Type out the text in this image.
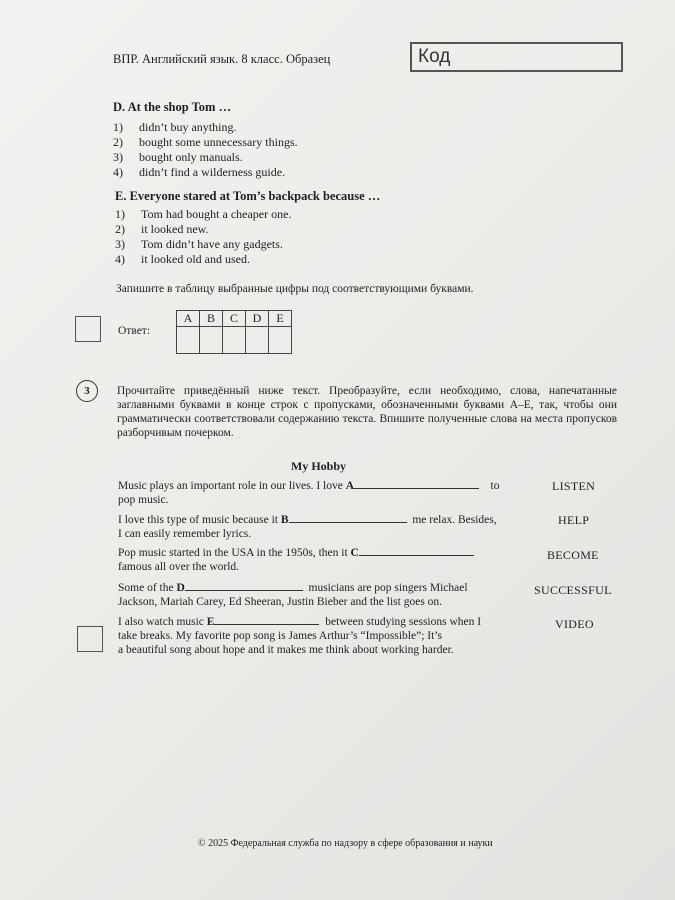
ВПР. Английский язык. 8 класс. Образец	Код
D. At the shop Tom …
1) didn’t buy anything.
2) bought some unnecessary things.
3) bought only manuals.
4) didn’t find a wilderness guide.
E. Everyone stared at Tom’s backpack because …
1) Tom had bought a cheaper one.
2) it looked new.
3) Tom didn’t have any gadgets.
4) it looked old and used.
Запишите в таблицу выбранные цифры под соответствующими буквами.
Ответ:
A	B	C	D	E

3	Прочитайте приведённый ниже текст. Преобразуйте, если необходимо, слова, напечатанные заглавными буквами в конце строк с пропусками, обозначенными буквами A–E, так, чтобы они грамматически соответствовали содержанию текста. Впишите полученные слова на места пропусков разборчивым почерком.
My Hobby
Music plays an important role in our lives. I love A	to
pop music.
LISTEN
I love this type of music because it B	me relax. Besides,
I can easily remember lyrics.
HELP
Pop music started in the USA in the 1950s, then it C
famous all over the world.
BECOME
Some of the D	musicians are pop singers Michael
Jackson, Mariah Carey, Ed Sheeran, Justin Bieber and the list goes on.
SUCCESSFUL
I also watch music E	between studying sessions when I
take breaks. My favorite pop song is James Arthur’s “Impossible”; It’s
a beautiful song about hope and it makes me think about working harder.
VIDEO
© 2025 Федеральная служба по надзору в сфере образования и науки
